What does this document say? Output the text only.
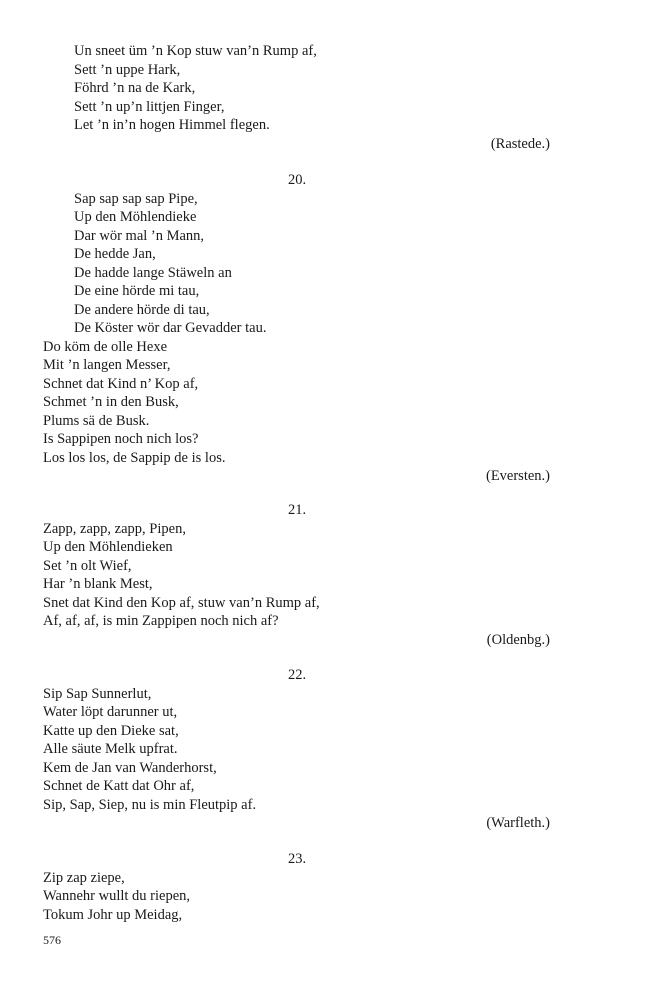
Un sneet üm ’n Kop stuw van’n Rump af,
Sett ’n uppe Hark,
Föhrd ’n na de Kark,
Sett ’n up’n littjen Finger,
Let ’n in’n hogen Himmel flegen.
(Rastede.)
20.
Sap sap sap sap Pipe,
Up den Möhlendieke
Dar wör mal ’n Mann,
De hedde Jan,
De hadde lange Stäweln an
De eine hörde mi tau,
De andere hörde di tau,
De Köster wör dar Gevadder tau.
Do köm de olle Hexe
Mit ’n langen Messer,
Schnet dat Kind n’ Kop af,
Schmet ’n in den Busk,
Plums sä de Busk.
Is Sappipen noch nich los?
Los los los, de Sappip de is los.
(Eversten.)
21.
Zapp, zapp, zapp, Pipen,
Up den Möhlendieken
Set ’n olt Wief,
Har ’n blank Mest,
Snet dat Kind den Kop af, stuw van’n Rump af,
Af, af, af, is min Zappipen noch nich af?
(Oldenbg.)
22.
Sip Sap Sunnerlut,
Water löpt darunner ut,
Katte up den Dieke sat,
Alle säute Melk upfrat.
Kem de Jan van Wanderhorst,
Schnet de Katt dat Ohr af,
Sip, Sap, Siep, nu is min Fleutpip af.
(Warfleth.)
23.
Zip zap ziepe,
Wannehr wullt du riepen,
Tokum Johr up Meidag,
576
